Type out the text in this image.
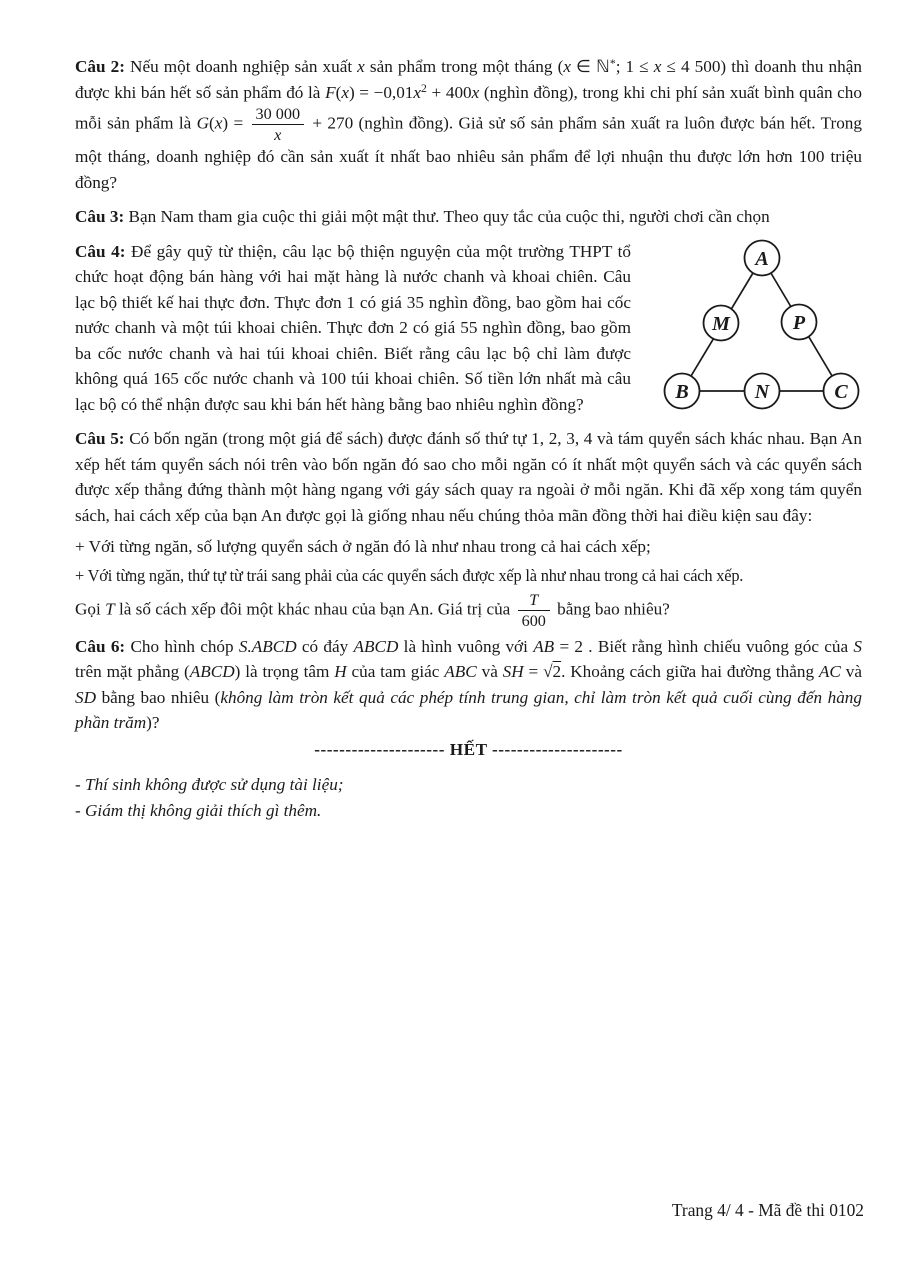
Câu 2: Nếu một doanh nghiệp sản xuất x sản phẩm trong một tháng (x ∈ ℕ*; 1 ≤ x ≤ 4 500) thì doanh thu nhận được khi bán hết số sản phẩm đó là $F(x) = -0,01x^2 + 400x$ (nghìn đồng), trong khi chi phí sản xuất bình quân cho mỗi sản phẩm là $G(x) = \frac{30 000}{x} + 270$ (nghìn đồng). Giả sử số sản phẩm sản xuất ra luôn được bán hết. Trong một tháng, doanh nghiệp đó cần sản xuất ít nhất bao nhiêu sản phẩm để lợi nhuận thu được lớn hơn 100 triệu đồng?

Câu 3: Bạn Nam tham gia cuộc thi giải một mật thư. Theo quy tắc của cuộc thi, người chơi cần chọn

A
M	P
B	N	C

Câu 4: Để gây quỹ từ thiện, câu lạc bộ thiện nguyện của một trường THPT tổ chức hoạt động bán hàng với hai mặt hàng là nước chanh và khoai chiên. Câu lạc bộ thiết kế hai thực đơn. Thực đơn 1 có giá 35 nghìn đồng, bao gồm hai cốc nước chanh và một túi khoai chiên. Thực đơn 2 có giá 55 nghìn đồng, bao gồm ba cốc nước chanh và hai túi khoai chiên. Biết rằng câu lạc bộ chỉ làm được không quá 165 cốc nước chanh và 100 túi khoai chiên. Số tiền lớn nhất mà câu lạc bộ có thể nhận được sau khi bán hết hàng bằng bao nhiêu nghìn đồng?

Câu 5: Có bốn ngăn (trong một giá để sách) được đánh số thứ tự 1, 2, 3, 4 và tám quyển sách khác nhau. Bạn An xếp hết tám quyển sách nói trên vào bốn ngăn đó sao cho mỗi ngăn có ít nhất một quyển sách và các quyển sách được xếp thẳng đứng thành một hàng ngang với gáy sách quay ra ngoài ở mỗi ngăn. Khi đã xếp xong tám quyển sách, hai cách xếp của bạn An được gọi là giống nhau nếu chúng thỏa mãn đồng thời hai điều kiện sau đây:

+ Với từng ngăn, số lượng quyển sách ở ngăn đó là như nhau trong cả hai cách xếp;

+ Với từng ngăn, thứ tự từ trái sang phải của các quyển sách được xếp là như nhau trong cả hai cách xếp.

Gọi T là số cách xếp đôi một khác nhau của bạn An. Giá trị của $\frac{T}{600}$ bằng bao nhiêu?

Câu 6: Cho hình chóp S.ABCD có đáy ABCD là hình vuông với AB = 2 . Biết rằng hình chiếu vuông góc của S trên mặt phẳng (ABCD) là trọng tâm H của tam giác ABC và SH = √2. Khoảng cách giữa hai đường thẳng AC và SD bằng bao nhiêu (không làm tròn kết quả các phép tính trung gian, chỉ làm tròn kết quả cuối cùng đến hàng phần trăm)?

--------------------- HẾT ---------------------

- Thí sinh không được sử dụng tài liệu;

- Giám thị không giải thích gì thêm.

Trang 4/ 4 - Mã đề thi 0102
